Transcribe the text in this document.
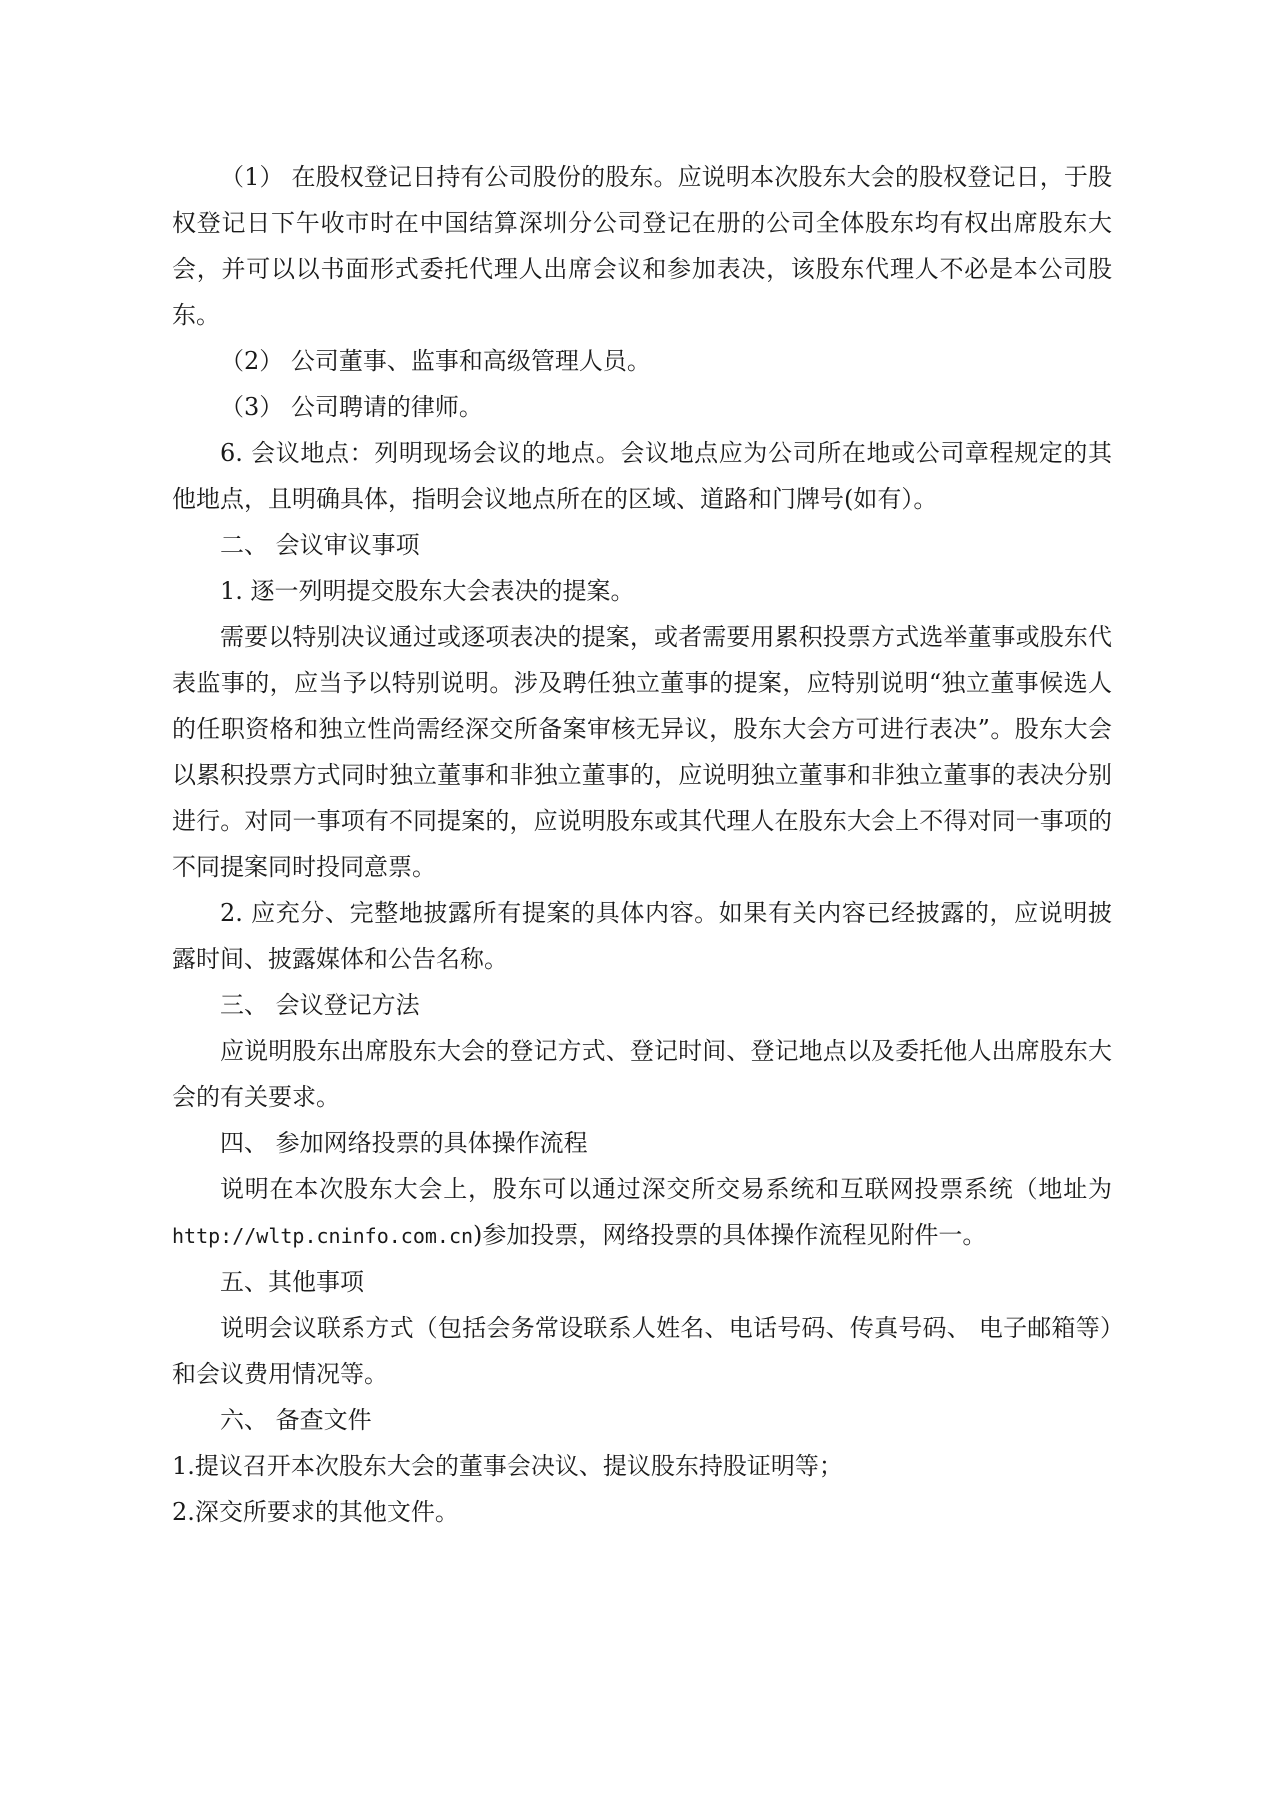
（1） 在股权登记日持有公司股份的股东。应说明本次股东大会的股权登记日，于股权登记日下午收市时在中国结算深圳分公司登记在册的公司全体股东均有权出席股东大会，并可以以书面形式委托代理人出席会议和参加表决，该股东代理人不必是本公司股东。

（2） 公司董事、监事和高级管理人员。

（3） 公司聘请的律师。

6. 会议地点：列明现场会议的地点。会议地点应为公司所在地或公司章程规定的其他地点，且明确具体，指明会议地点所在的区域、道路和门牌号(如有）。

二、 会议审议事项

1. 逐一列明提交股东大会表决的提案。

需要以特别决议通过或逐项表决的提案，或者需要用累积投票方式选举董事或股东代表监事的，应当予以特别说明。涉及聘任独立董事的提案，应特别说明“独立董事候选人的任职资格和独立性尚需经深交所备案审核无异议，股东大会方可进行表决”。股东大会以累积投票方式同时独立董事和非独立董事的，应说明独立董事和非独立董事的表决分别进行。对同一事项有不同提案的，应说明股东或其代理人在股东大会上不得对同一事项的不同提案同时投同意票。

2. 应充分、完整地披露所有提案的具体内容。如果有关内容已经披露的，应说明披露时间、披露媒体和公告名称。

三、 会议登记方法

应说明股东出席股东大会的登记方式、登记时间、登记地点以及委托他人出席股东大会的有关要求。

四、 参加网络投票的具体操作流程

说明在本次股东大会上，股东可以通过深交所交易系统和互联网投票系统（地址为http://wltp.cninfo.com.cn)参加投票，网络投票的具体操作流程见附件一。

五、其他事项

说明会议联系方式（包括会务常设联系人姓名、电话号码、传真号码、 电子邮箱等）和会议费用情况等。

六、 备查文件

1.提议召开本次股东大会的董事会决议、提议股东持股证明等；

2.深交所要求的其他文件。
